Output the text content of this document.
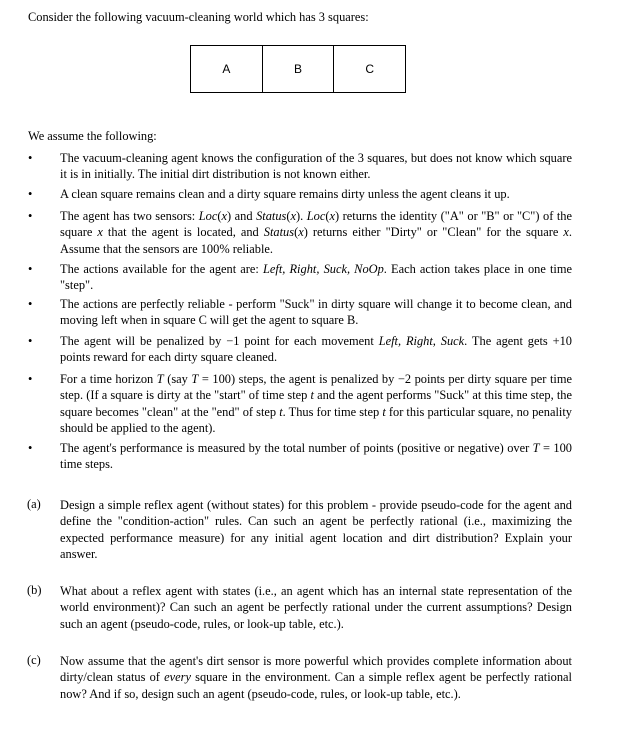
Consider the following vacuum-cleaning world which has 3 squares:
A	B	C
We assume the following:
• The vacuum-cleaning agent knows the configuration of the 3 squares, but does not know which square it is in initially. The initial dirt distribution is not known either.
• A clean square remains clean and a dirty square remains dirty unless the agent cleans it up.
• The agent has two sensors: Loc(x) and Status(x). Loc(x) returns the identity ("A" or "B" or "C") of the square x that the agent is located, and Status(x) returns either "Dirty" or "Clean" for the square x. Assume that the sensors are 100% reliable.
• The actions available for the agent are: Left, Right, Suck, NoOp. Each action takes place in one time "step".
• The actions are perfectly reliable - perform "Suck" in dirty square will change it to become clean, and moving left when in square C will get the agent to square B.
• The agent will be penalized by −1 point for each movement Left, Right, Suck. The agent gets +10 points reward for each dirty square cleaned.
• For a time horizon T (say T = 100) steps, the agent is penalized by −2 points per dirty square per time step. (If a square is dirty at the "start" of time step t and the agent performs "Suck" at this time step, the square becomes "clean" at the "end" of step t. Thus for time step t for this particular square, no penality should be applied to the agent).
• The agent's performance is measured by the total number of points (positive or negative) over T = 100 time steps.
(a) Design a simple reflex agent (without states) for this problem - provide pseudo-code for the agent and define the "condition-action" rules. Can such an agent be perfectly rational (i.e., maximizing the expected performance measure) for any initial agent location and dirt distribution? Explain your answer.
(b) What about a reflex agent with states (i.e., an agent which has an internal state representation of the world environment)? Can such an agent be perfectly rational under the current assumptions? Design such an agent (pseudo-code, rules, or look-up table, etc.).
(c) Now assume that the agent's dirt sensor is more powerful which provides complete information about dirty/clean status of every square in the environment. Can a simple reflex agent be perfectly rational now? And if so, design such an agent (pseudo-code, rules, or look-up table, etc.).
